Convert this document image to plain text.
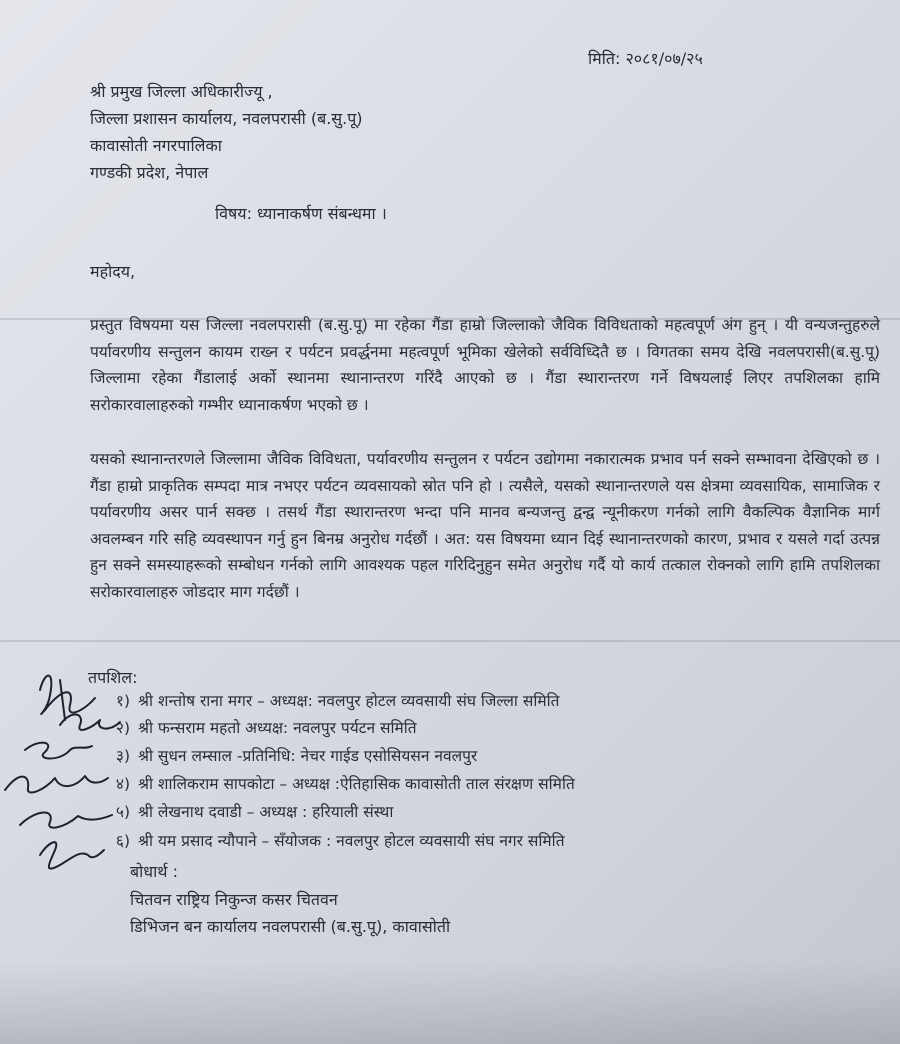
मिति: २०८१/०७/२५
श्री प्रमुख जिल्ला अधिकारीज्यू ,
जिल्ला प्रशासन कार्यालय, नवलपरासी (ब.सु.पू)
कावासोती नगरपालिका
गण्डकी प्रदेश, नेपाल
विषय: ध्यानाकर्षण संबन्धमा ।
महोदय,

प्रस्तुत विषयमा यस जिल्ला नवलपरासी (ब.सु.पू) मा रहेका गैंडा हाम्रो जिल्लाको जैविक विविधताको महत्वपूर्ण अंग हुन् । यी वन्यजन्तुहरुले पर्यावरणीय सन्तुलन कायम राख्न र पर्यटन प्रवर्द्धनमा महत्वपूर्ण भूमिका खेलेको सर्वविध्दितै छ । विगतका समय देखि नवलपरासी(ब.सु.पू) जिल्लामा रहेका गैंडालाई अर्को स्थानमा स्थानान्तरण गरिंदै आएको छ । गैंडा स्थारान्तरण गर्ने विषयलाई लिएर तपशिलका हामि सरोकारवालाहरुको गम्भीर ध्यानाकर्षण भएको छ ।

यसको स्थानान्तरणले जिल्लामा जैविक विविधता, पर्यावरणीय सन्तुलन र पर्यटन उद्योगमा नकारात्मक प्रभाव पर्न सक्ने सम्भावना देखिएको छ । गैंडा हाम्रो प्राकृतिक सम्पदा मात्र नभएर पर्यटन व्यवसायको स्रोत पनि हो । त्यसैले, यसको स्थानान्तरणले यस क्षेत्रमा व्यवसायिक, सामाजिक र पर्यावरणीय असर पार्न सक्छ । तसर्थ गैंडा स्थारान्तरण भन्दा पनि मानव बन्यजन्तु द्वन्द्व न्यूनीकरण गर्नको लागि वैकल्पिक वैज्ञानिक मार्ग अवलम्बन गरि सहि व्यवस्थापन गर्नु हुन बिनम्र अनुरोध गर्दछौं । अत: यस विषयमा ध्यान दिई स्थानान्तरणको कारण, प्रभाव र यसले गर्दा उत्पन्न हुन सक्ने समस्याहरूको सम्बोधन गर्नको लागि आवश्यक पहल गरिदिनुहुन समेत अनुरोध गर्दै यो कार्य तत्काल रोक्नको लागि हामि तपशिलका सरोकारवालाहरु जोडदार माग गर्दछौं ।

तपशिल:
१) श्री शन्तोष राना मगर – अध्यक्ष: नवलपुर होटल व्यवसायी संघ जिल्ला समिति
२) श्री फन्सराम महतो अध्यक्ष: नवलपुर पर्यटन समिति
३) श्री सुधन लम्साल -प्रतिनिधि: नेचर गाईड एसोसियसन नवलपुर
४) श्री शालिकराम सापकोटा – अध्यक्ष :ऐतिहासिक कावासोती ताल संरक्षण समिति
५) श्री लेखनाथ दवाडी – अध्यक्ष : हरियाली संस्था
६) श्री यम प्रसाद न्यौपाने – सँयोजक : नवलपुर होटल व्यवसायी संघ नगर समिति
बोधार्थ :
चितवन राष्ट्रिय निकुन्ज कसर चितवन
डिभिजन बन कार्यालय नवलपरासी (ब.सु.पू), कावासोती
